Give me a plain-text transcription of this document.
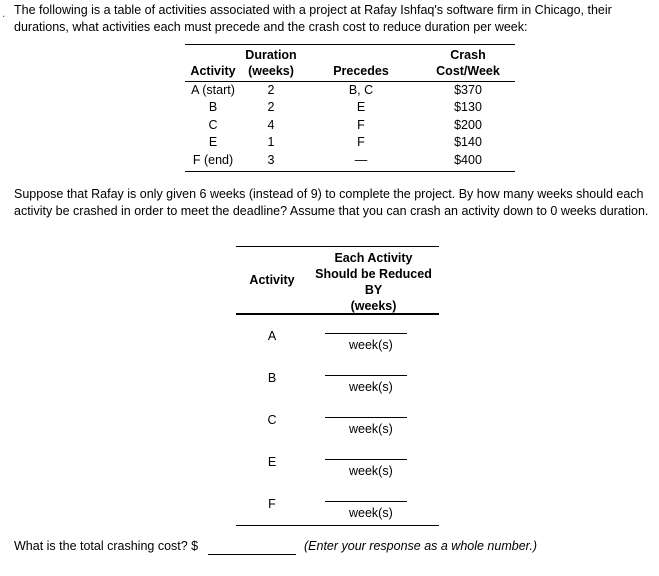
. The following is a table of activities associated with a project at Rafay Ishfaq's software firm in Chicago, their durations, what activities each must precede and the crash cost to reduce duration per week:
	Duration		Crash
Activity	(weeks)	Precedes	Cost/Week
A (start)	2	B, C	$370
B	2	E	$130
C	4	F	$200
E	1	F	$140
F (end)	3	—	$400
Suppose that Rafay is only given 6 weeks (instead of 9) to complete the project. By how many weeks should each activity be crashed in order to meet the deadline? Assume that you can crash an activity down to 0 weeks duration.
Activity
Each Activity
Should be Reduced
BY
(weeks)
A
week(s)
B
week(s)
C
week(s)
E
week(s)
F
week(s)
What is the total crashing cost? $	(Enter your response as a whole number.)
